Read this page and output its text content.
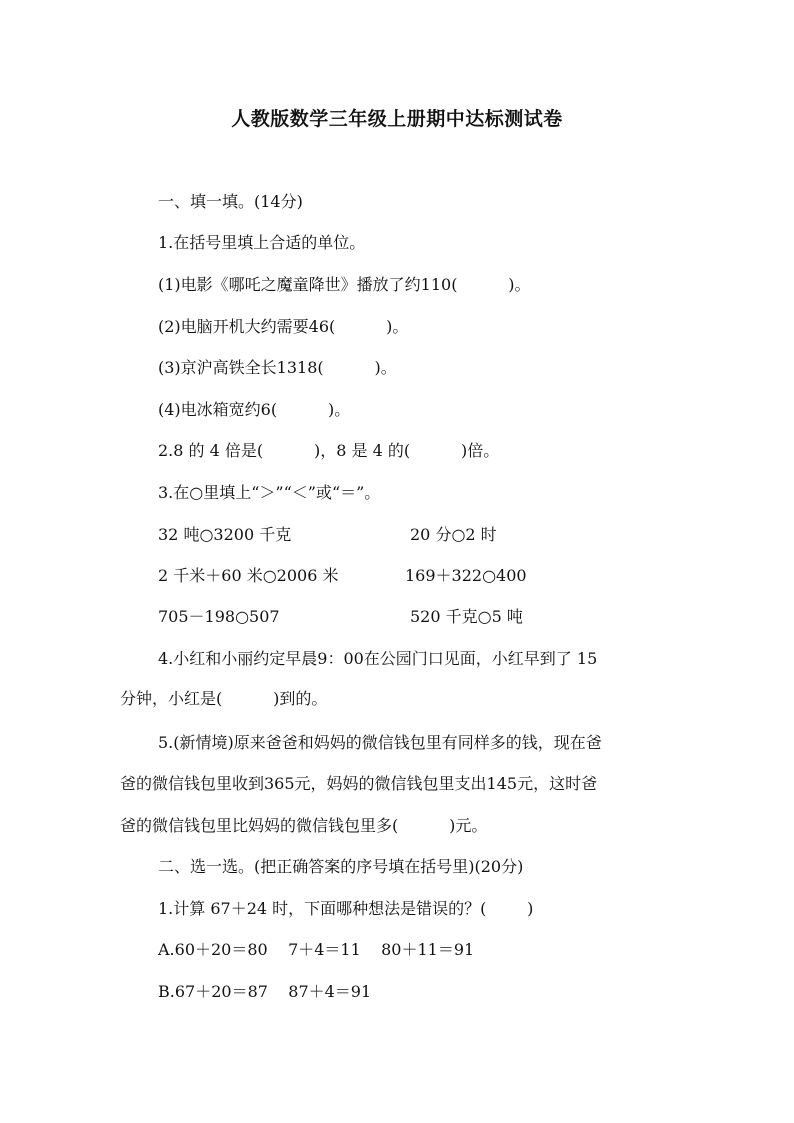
人教版数学三年级上册期中达标测试卷
一、填一填。(14分)
1.在括号里填上合适的单位。
(1)电影《哪吒之魔童降世》播放了约110(          )。
(2)电脑开机大约需要46(          )。
(3)京沪高铁全长1318(          )。
(4)电冰箱宽约6(          )。
2.8 的 4 倍是(          )，8 是 4 的(          )倍。
3.在○里填上“＞”“＜”或“＝”。
32 吨○3200 千克	20 分○2 时
2 千米＋60 米○2006 米	169＋322○400
705－198○507	520 千克○5 吨
4.小红和小丽约定早晨9：00在公园门口见面，小红早到了 15
分钟，小红是(          )到的。
5.(新情境)原来爸爸和妈妈的微信钱包里有同样多的钱，现在爸
爸的微信钱包里收到365元，妈妈的微信钱包里支出145元，这时爸
爸的微信钱包里比妈妈的微信钱包里多(          )元。
二、选一选。(把正确答案的序号填在括号里)(20分)
1.计算 67＋24 时，下面哪种想法是错误的？(        )
A.60＋20＝80    7＋4＝11    80＋11＝91
B.67＋20＝87    87＋4＝91
